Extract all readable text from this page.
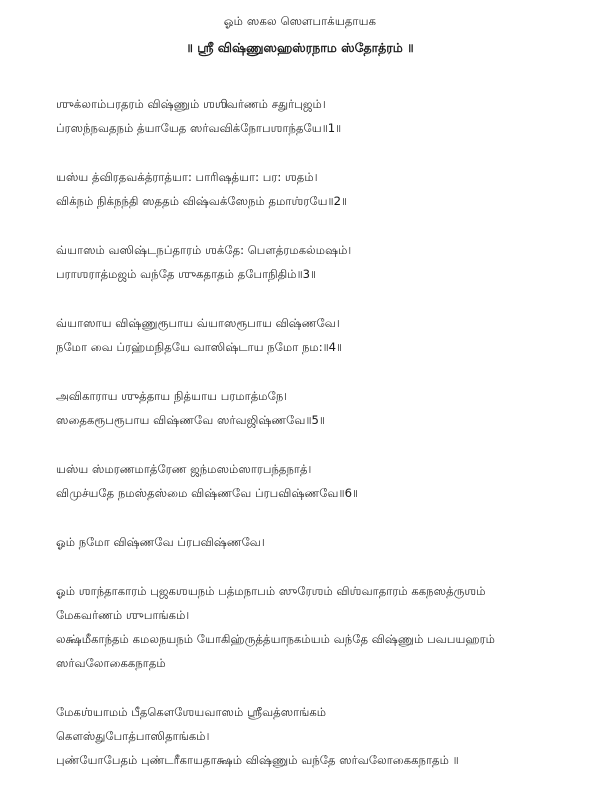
ஓம் ஸகல ஸௌபாக்யதாயக
॥ ஸ்ரீ விஷ்ணுஸஹஸ்ரநாம ஸ்தோத்ரம் ॥
ஶுக்லாம்பரதரம் விஷ்ணும் ஶஶிவர்ணம் சதுர்புஜம்।
ப்ரஸந்நவதநம் த்யாயேத ஸர்வவிக்நோபஶாந்தயே॥1॥
யஸ்ய த்விரதவக்த்ராத்யா: பாரிஷத்யா: பர: ஶதம்।
விக்நம் நிக்நந்தி ஸததம் விஷ்வக்ஸேநம் தமாஶ்ரயே॥2॥
வ்யாஸம் வஸிஷ்டநப்தாரம் ஶக்தே: பௌத்ரமகல்மஷம்।
பராஶராத்மஜம் வந்தே ஶுகதாதம் தபோநிதிம்॥3॥
வ்யாஸாய விஷ்ணுரூபாய வ்யாஸரூபாய விஷ்ணவே।
நமோ வை ப்ரஹ்மநிதயே வாஸிஷ்டாய நமோ நம:॥4॥
அவிகாராய ஶுத்தாய நித்யாய பரமாத்மநே।
ஸதைகரூபரூபாய விஷ்ணவே ஸர்வஜிஷ்ணவே॥5॥
யஸ்ய ஸ்மரணமாத்ரேண ஜந்மஸம்ஸாரபந்தநாத்।
விமுச்யதே நமஸ்தஸ்மை விஷ்ணவே ப்ரபவிஷ்ணவே॥6॥
ஓம் நமோ விஷ்ணவே ப்ரபவிஷ்ணவே।
ஓம் ஶாந்தாகாரம் புஜகஶயநம் பத்மநாபம் ஸுரேஶம் விஶ்வாதாரம் ககநஸத்ருஶம்
மேகவர்ணம் ஶுபாங்கம்।
லக்ஷ்மீகாந்தம் கமலநயநம் யோகிஹ்ருத்த்யாநகம்யம் வந்தே விஷ்ணும் பவபயஹரம்
ஸர்வலோகைகநாதம்
மேகஶ்யாமம் பீதகௌஶேயவாஸம் ஶ்ரீவத்ஸாங்கம்
கௌஸ்துபோத்பாஸிதாங்கம்।
புண்யோபேதம் புண்டரீகாயதாக்ஷம் விஷ்ணும் வந்தே ஸர்வலோகைகநாதம் ॥
